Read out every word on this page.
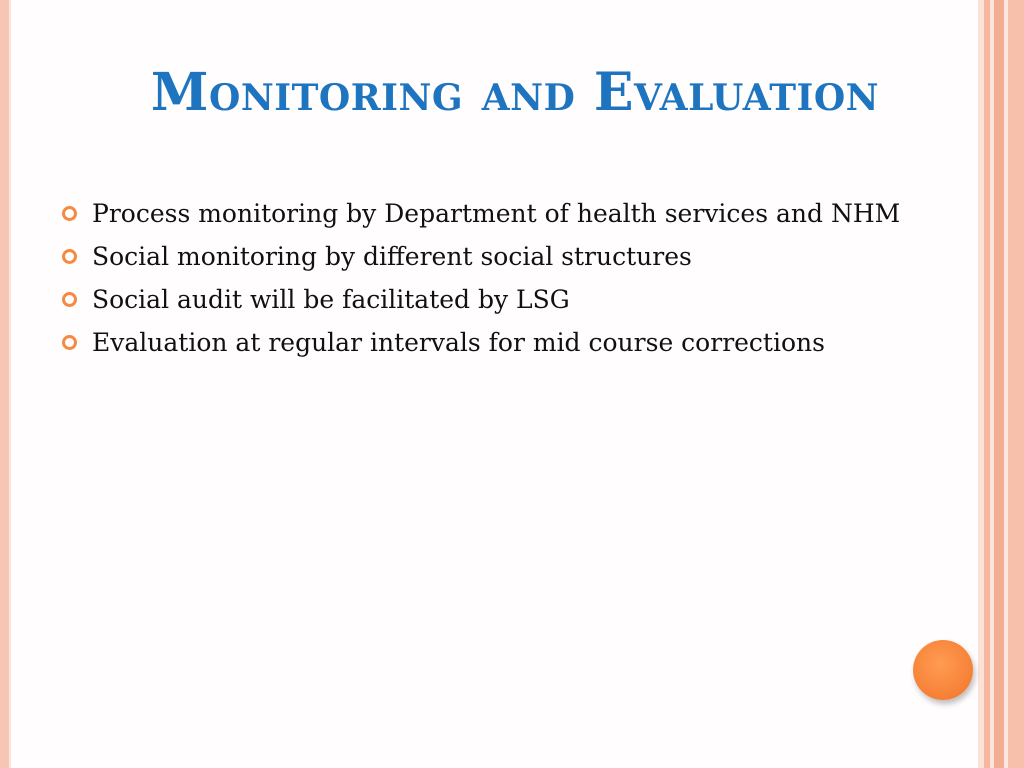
Monitoring and Evaluation
Process monitoring by Department of health services and NHM
Social monitoring by different social structures
Social audit will be facilitated by LSG
Evaluation at regular intervals for mid course corrections
